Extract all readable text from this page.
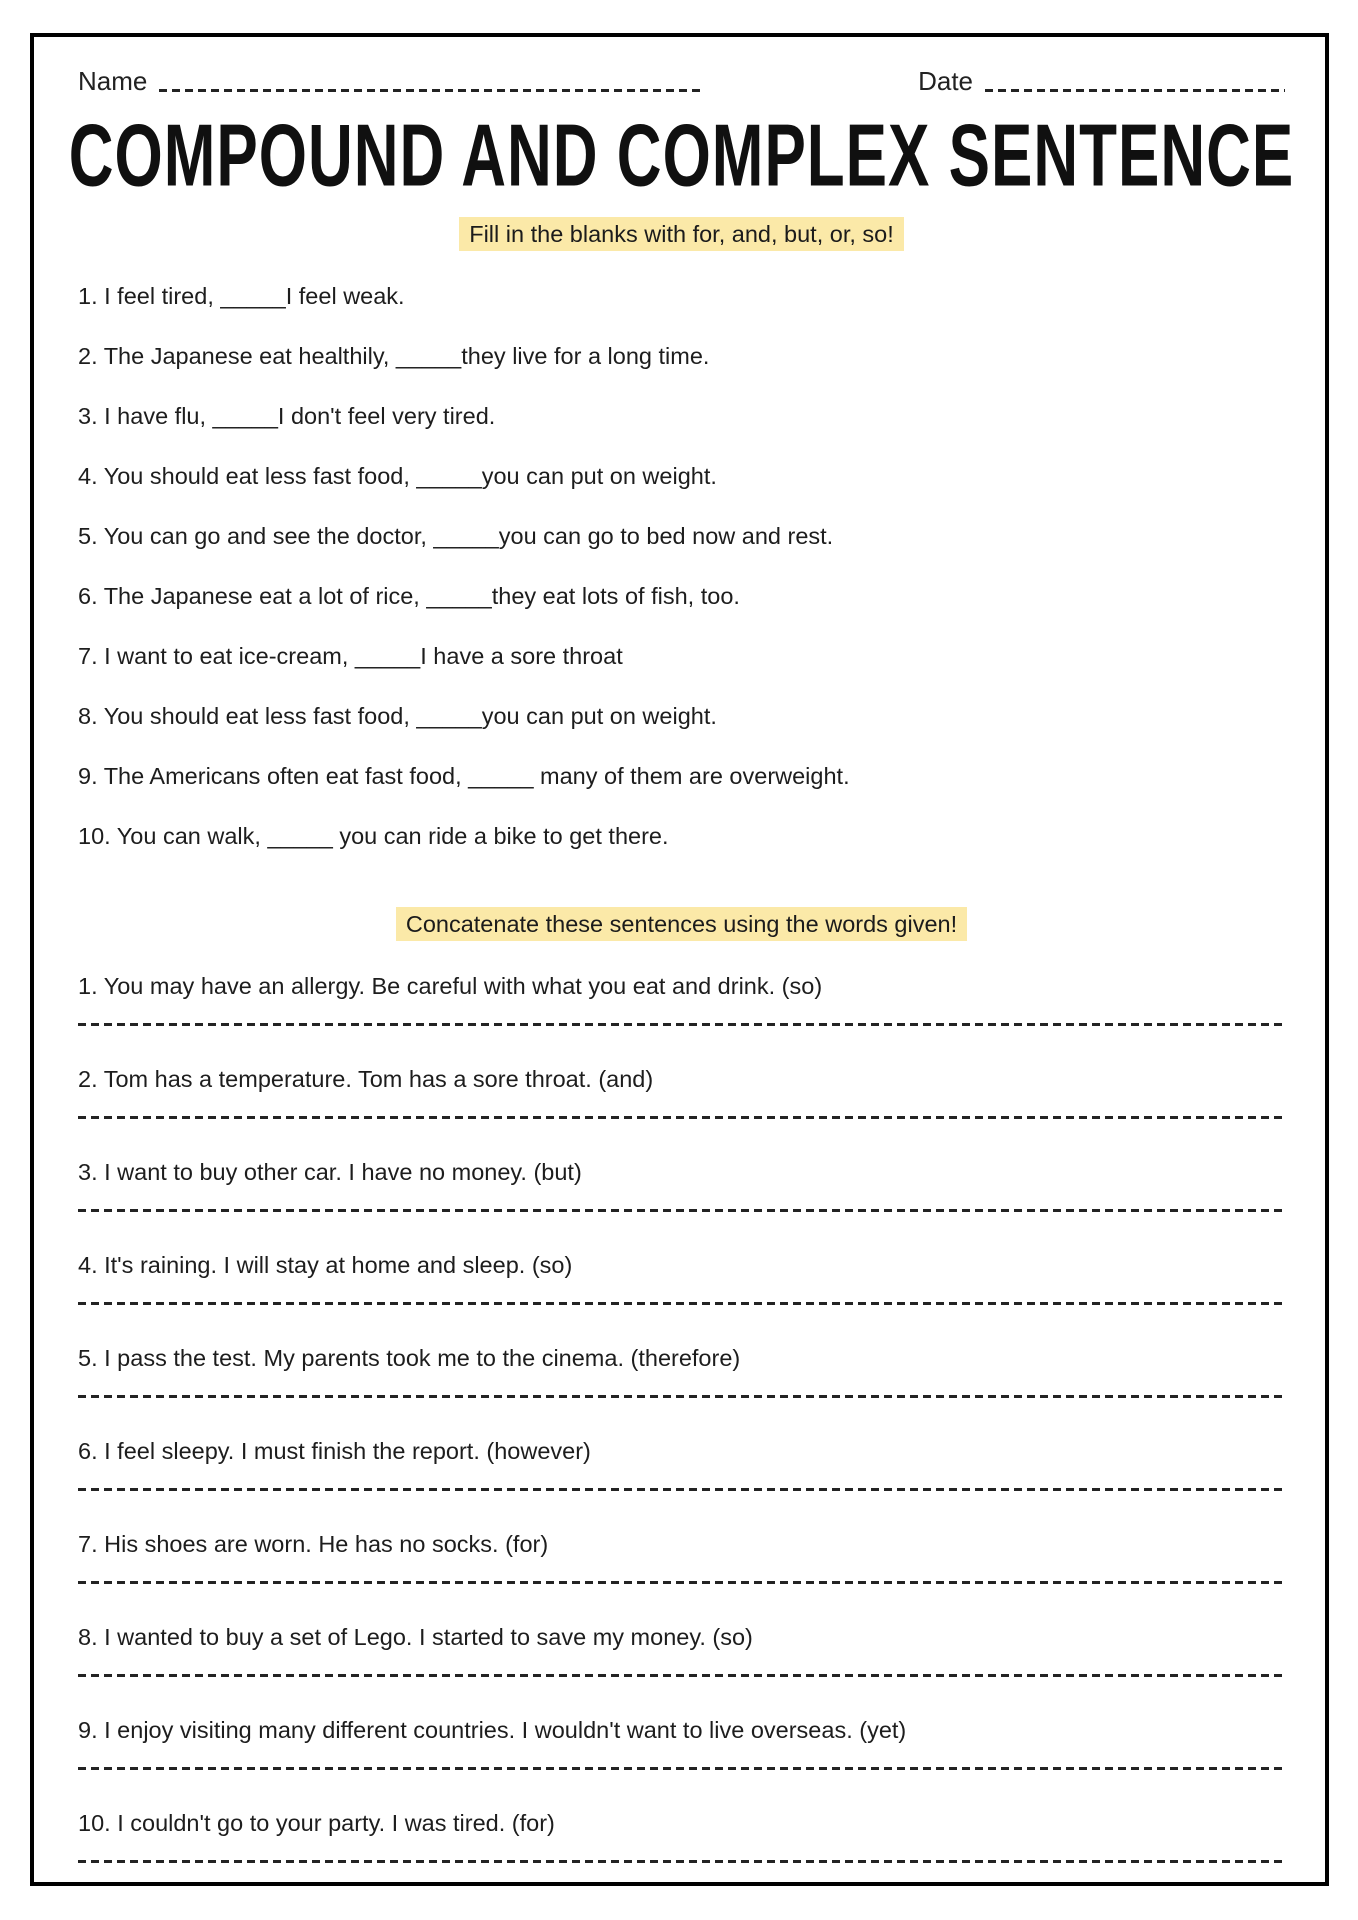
Name	Date
COMPOUND AND COMPLEX SENTENCE
Fill in the blanks with for, and, but, or, so!
1. I feel tired, _____I feel weak.
2. The Japanese eat healthily, _____they live for a long time.
3. I have flu, _____I don't feel very tired.
4. You should eat less fast food, _____you can put on weight.
5. You can go and see the doctor, _____you can go to bed now and rest.
6. The Japanese eat a lot of rice, _____they eat lots of fish, too.
7. I want to eat ice-cream, _____I have a sore throat
8. You should eat less fast food, _____you can put on weight.
9. The Americans often eat fast food, _____ many of them are overweight.
10. You can walk, _____ you can ride a bike to get there.
Concatenate these sentences using the words given!
1. You may have an allergy. Be careful with what you eat and drink. (so)
2. Tom has a temperature. Tom has a sore throat. (and)
3. I want to buy other car. I have no money. (but)
4. It's raining. I will stay at home and sleep. (so)
5. I pass the test. My parents took me to the cinema. (therefore)
6. I feel sleepy. I must finish the report. (however)
7. His shoes are worn. He has no socks. (for)
8. I wanted to buy a set of Lego. I started to save my money. (so)
9. I enjoy visiting many different countries. I wouldn't want to live overseas. (yet)
10. I couldn't go to your party. I was tired. (for)
